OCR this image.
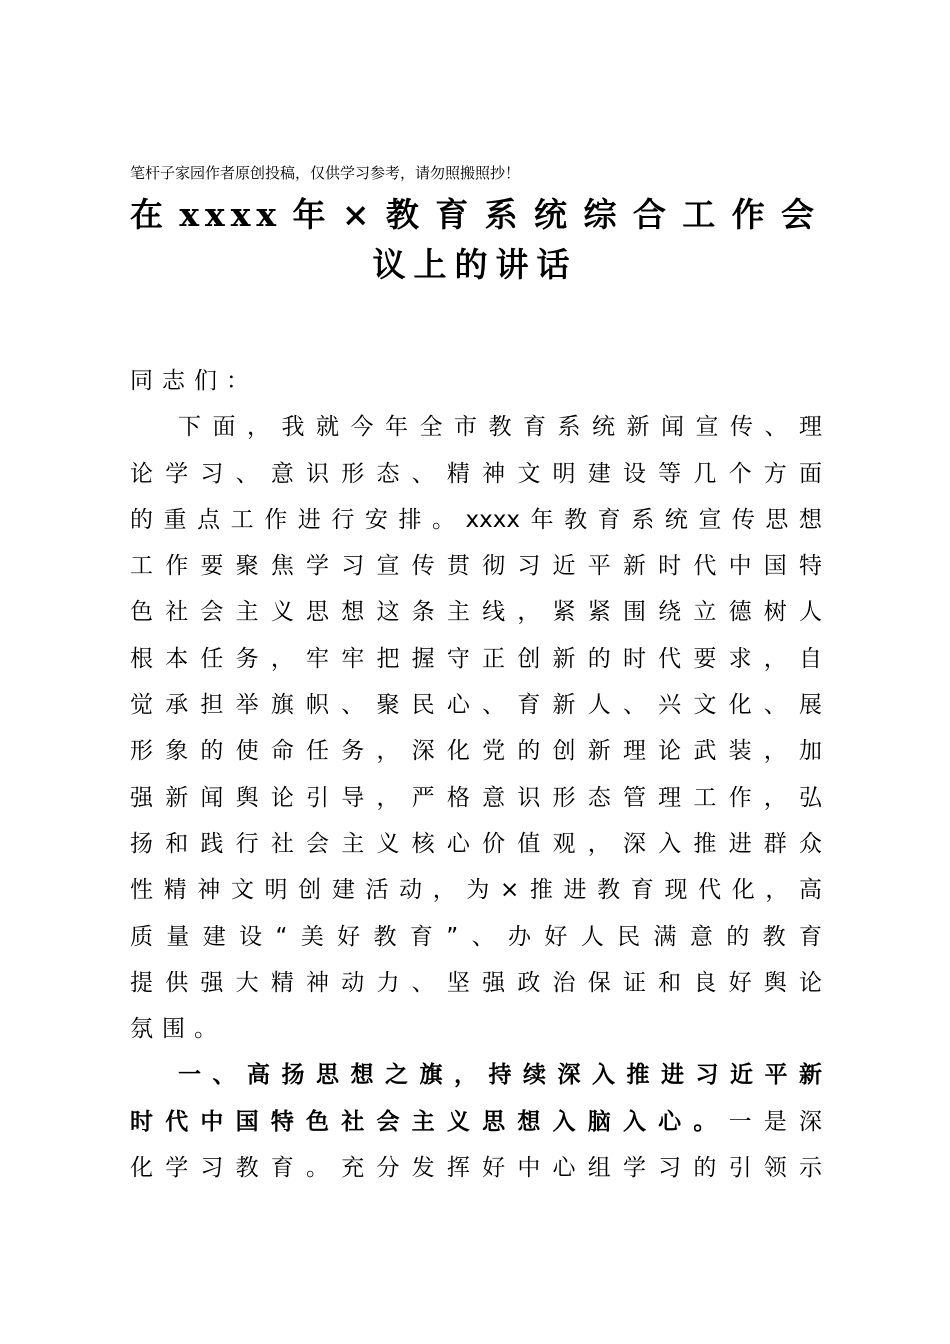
笔杆子家园作者原创投稿，仅供学习参考，请勿照搬照抄！
在xxxx年×教育系统综合工作会
议上的讲话
同志们：
下面，我就今年全市教育系统新闻宣传、理
论学习、意识形态、精神文明建设等几个方面
的重点工作进行安排。xxxx年教育系统宣传思想
工作要聚焦学习宣传贯彻习近平新时代中国特
色社会主义思想这条主线，紧紧围绕立德树人
根本任务，牢牢把握守正创新的时代要求，自
觉承担举旗帜、聚民心、育新人、兴文化、展
形象的使命任务，深化党的创新理论武装，加
强新闻舆论引导，严格意识形态管理工作，弘
扬和践行社会主义核心价值观，深入推进群众
性精神文明创建活动，为×推进教育现代化，高
质量建设“美好教育”、办好人民满意的教育
提供强大精神动力、坚强政治保证和良好舆论
氛围。
一、高扬思想之旗，持续深入推进习近平新
时代中国特色社会主义思想入脑入心。一是深
化学习教育。充分发挥好中心组学习的引领示
